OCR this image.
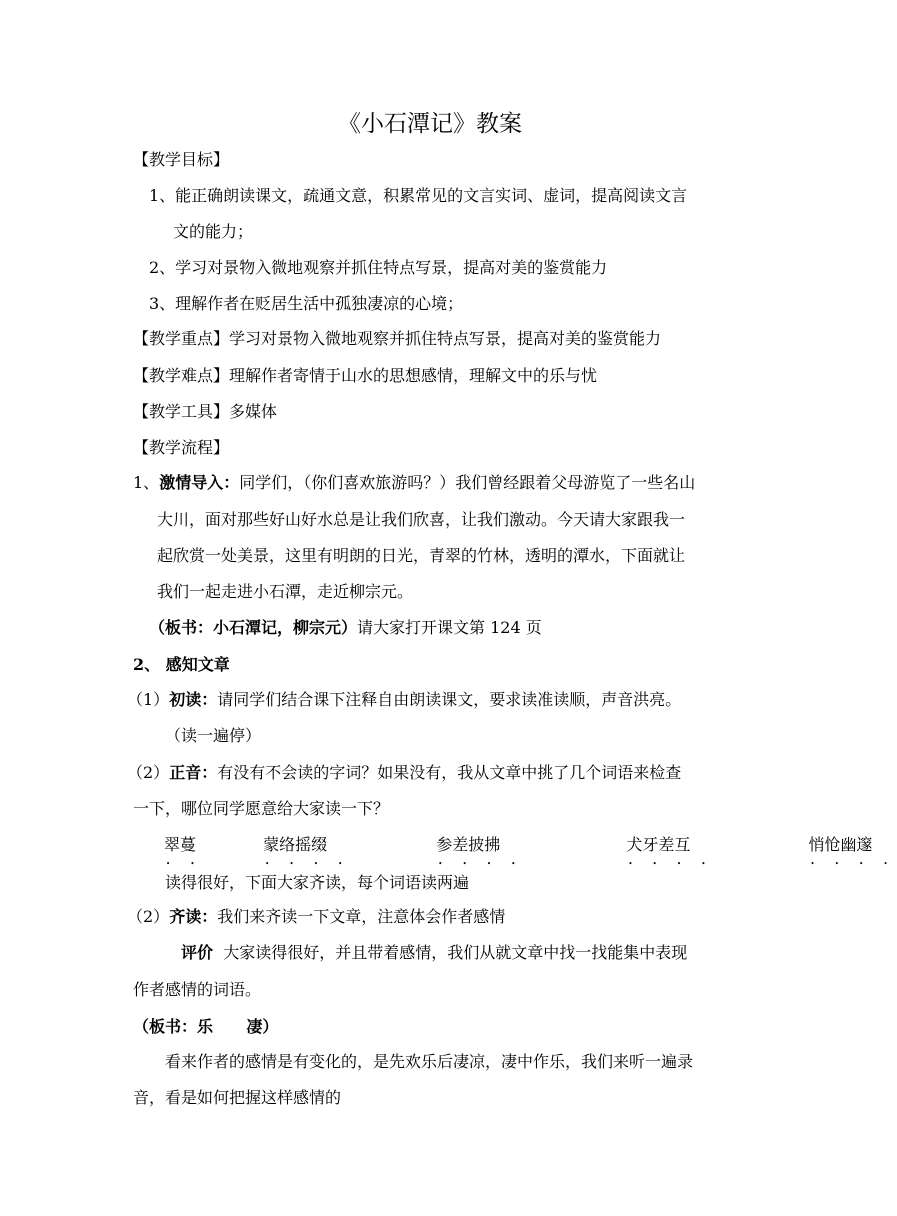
《小石潭记》教案
【教学目标】
1、能正确朗读课文，疏通文意，积累常见的文言实词、虚词，提高阅读文言
文的能力；
2、学习对景物入微地观察并抓住特点写景，提高对美的鉴赏能力
3、理解作者在贬居生活中孤独凄凉的心境；
【教学重点】学习对景物入微地观察并抓住特点写景，提高对美的鉴赏能力
【教学难点】理解作者寄情于山水的思想感情，理解文中的乐与忧
【教学工具】多媒体
【教学流程】
1、激情导入：同学们，（你们喜欢旅游吗？）我们曾经跟着父母游览了一些名山
大川，面对那些好山好水总是让我们欣喜，让我们激动。今天请大家跟我一
起欣赏一处美景，这里有明朗的日光，青翠的竹林，透明的潭水，下面就让
我们一起走进小石潭，走近柳宗元。
（板书：小石潭记，柳宗元）请大家打开课文第 124 页
2、 感知文章
（1）初读：请同学们结合课下注释自由朗读课文，要求读准读顺，声音洪亮。
（读一遍停）
（2）正音：有没有不会读的字词？如果没有，我从文章中挑了几个词语来检查
一下，哪位同学愿意给大家读一下？
翠蔓 • •	蒙络摇缀 • • • •	参差披拂 • • • •	犬牙差互 • • • •	悄怆幽邃 • • • •
读得很好，下面大家齐读，每个词语读两遍
（2）齐读：我们来齐读一下文章，注意体会作者感情
评价 大家读得很好，并且带着感情，我们从就文章中找一找能集中表现
作者感情的词语。
（板书：乐      凄）
看来作者的感情是有变化的，是先欢乐后凄凉，凄中作乐，我们来听一遍录
音，看是如何把握这样感情的
